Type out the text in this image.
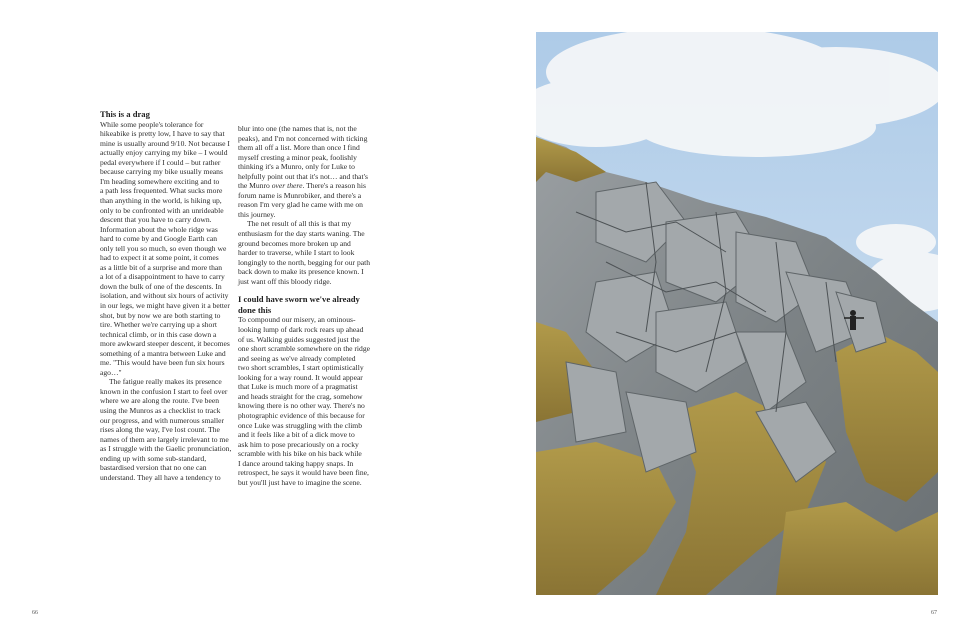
This is a drag
While some people's tolerance for
hikeabike is pretty low, I have to say that
mine is usually around 9/10. Not because I
actually enjoy carrying my bike – I would
pedal everywhere if I could – but rather
because carrying my bike usually means
I'm heading somewhere exciting and to
a path less frequented. What sucks more
than anything in the world, is hiking up,
only to be confronted with an unrideable
descent that you have to carry down.
Information about the whole ridge was
hard to come by and Google Earth can
only tell you so much, so even though we
had to expect it at some point, it comes
as a little bit of a surprise and more than
a lot of a disappointment to have to carry
down the bulk of one of the descents. In
isolation, and without six hours of activity
in our legs, we might have given it a better
shot, but by now we are both starting to
tire. Whether we're carrying up a short
technical climb, or in this case down a
more awkward steeper descent, it becomes
something of a mantra between Luke and
me. "This would have been fun six hours
ago…"
The fatigue really makes its presence
known in the confusion I start to feel over
where we are along the route. I've been
using the Munros as a checklist to track
our progress, and with numerous smaller
rises along the way, I've lost count. The
names of them are largely irrelevant to me
as I struggle with the Gaelic pronunciation,
ending up with some sub-standard,
bastardised version that no one can
understand. They all have a tendency to
blur into one (the names that is, not the
peaks), and I'm not concerned with ticking
them all off a list. More than once I find
myself cresting a minor peak, foolishly
thinking it's a Munro, only for Luke to
helpfully point out that it's not… and that's
the Munro over there. There's a reason his
forum name is Munrobiker, and there's a
reason I'm very glad he came with me on
this journey.
The net result of all this is that my
enthusiasm for the day starts waning. The
ground becomes more broken up and
harder to traverse, while I start to look
longingly to the north, begging for our path
back down to make its presence known. I
just want off this bloody ridge.
I could have sworn we've already
done this
To compound our misery, an ominous-
looking lump of dark rock rears up ahead
of us. Walking guides suggested just the
one short scramble somewhere on the ridge
and seeing as we've already completed
two short scrambles, I start optimistically
looking for a way round. It would appear
that Luke is much more of a pragmatist
and heads straight for the crag, somehow
knowing there is no other way. There's no
photographic evidence of this because for
once Luke was struggling with the climb
and it feels like a bit of a dick move to
ask him to pose precariously on a rocky
scramble with his bike on his back while
I dance around taking happy snaps. In
retrospect, he says it would have been fine,
but you'll just have to imagine the scene.
66	67
